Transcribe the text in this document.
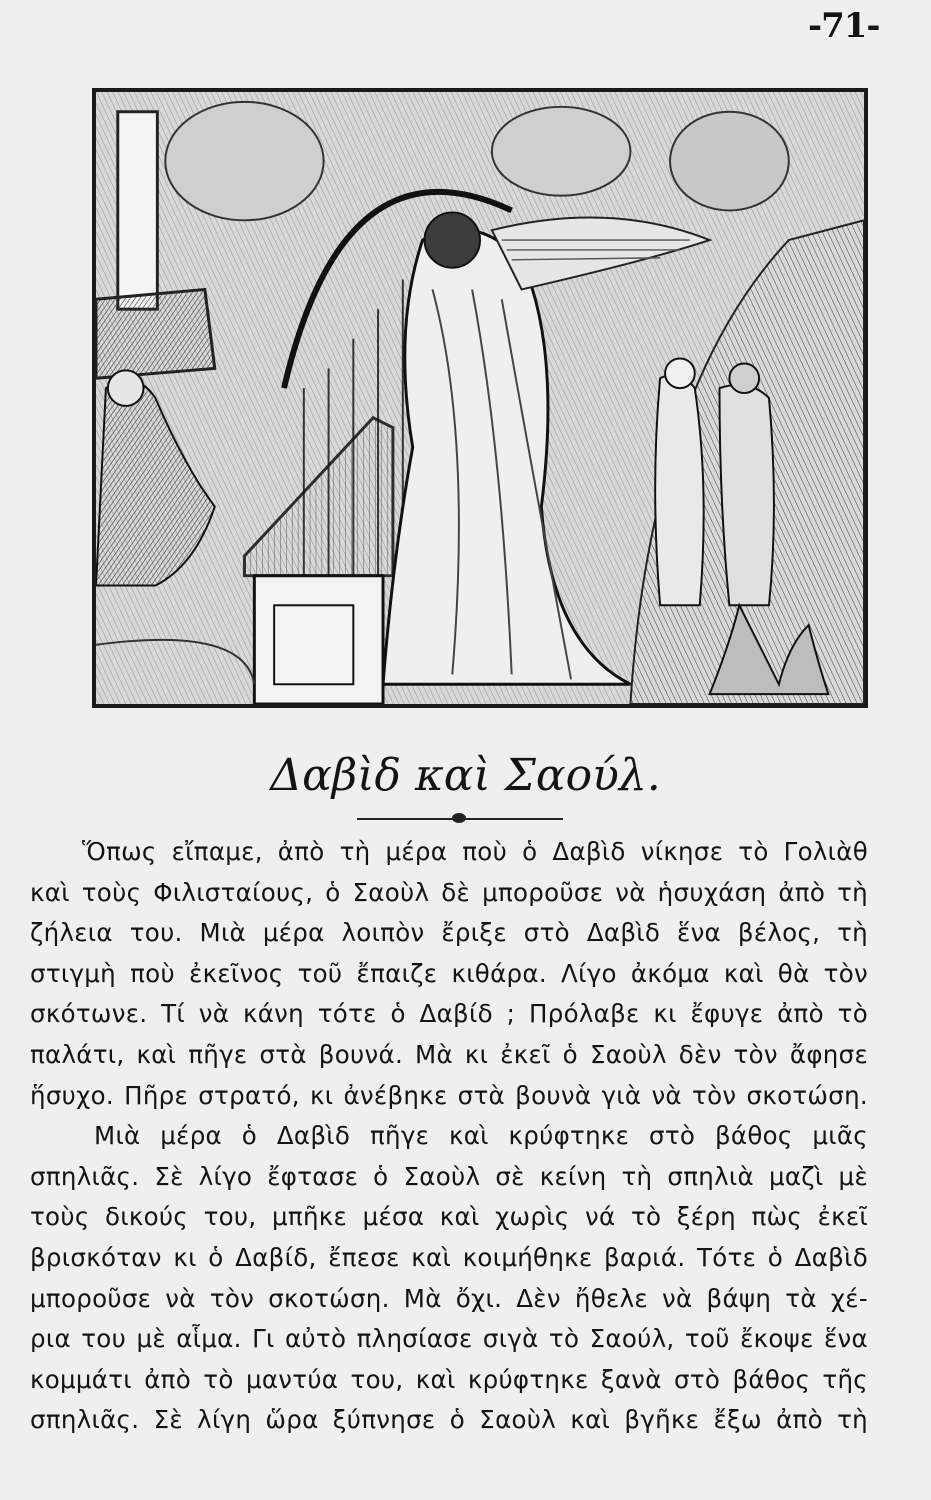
-71-
Δαβὶδ καὶ Σαούλ.
Ὅπως εἴπαμε, ἀπὸ τὴ μέρα ποὺ ὁ Δαβὶδ νίκησε τὸ Γολιὰθ
καὶ τοὺς Φιλισταίους, ὁ Σαοὺλ δὲ μποροῦσε νὰ ἡσυχάση ἀπὸ τὴ
ζήλεια του. Μιὰ μέρα λοιπὸν ἔριξε στὸ Δαβὶδ ἕνα βέλος, τὴ
στιγμὴ ποὺ ἐκεῖνος τοῦ ἔπαιζε κιθάρα. Λίγο ἀκόμα καὶ θὰ τὸν
σκότωνε. Τί νὰ κάνη τότε ὁ Δαβίδ ; Πρόλαβε κι ἔφυγε ἀπὸ τὸ
παλάτι, καὶ πῆγε στὰ βουνά. Μὰ κι ἐκεῖ ὁ Σαοὺλ δὲν τὸν ἄφησε
ἥσυχο. Πῆρε στρατό, κι ἀνέβηκε στὰ βουνὰ γιὰ νὰ τὸν σκοτώση.
Μιὰ μέρα ὁ Δαβὶδ πῆγε καὶ κρύφτηκε στὸ βάθος μιᾶς
σπηλιᾶς. Σὲ λίγο ἔφτασε ὁ Σαοὺλ σὲ κείνη τὴ σπηλιὰ μαζὶ μὲ
τοὺς δικούς του, μπῆκε μέσα καὶ χωρὶς νά τὸ ξέρη πὼς ἐκεῖ
βρισκόταν κι ὁ Δαβίδ, ἔπεσε καὶ κοιμήθηκε βαριά. Τότε ὁ Δαβὶδ
μποροῦσε νὰ τὸν σκοτώση. Μὰ ὄχι. Δὲν ἤθελε νὰ βάψη τὰ χέ-
ρια του μὲ αἷμα. Γι αὐτὸ πλησίασε σιγὰ τὸ Σαούλ, τοῦ ἔκοψε ἕνα
κομμάτι ἀπὸ τὸ μαντύα του, καὶ κρύφτηκε ξανὰ στὸ βάθος τῆς
σπηλιᾶς. Σὲ λίγη ὥρα ξύπνησε ὁ Σαοὺλ καὶ βγῆκε ἔξω ἀπὸ τὴ
